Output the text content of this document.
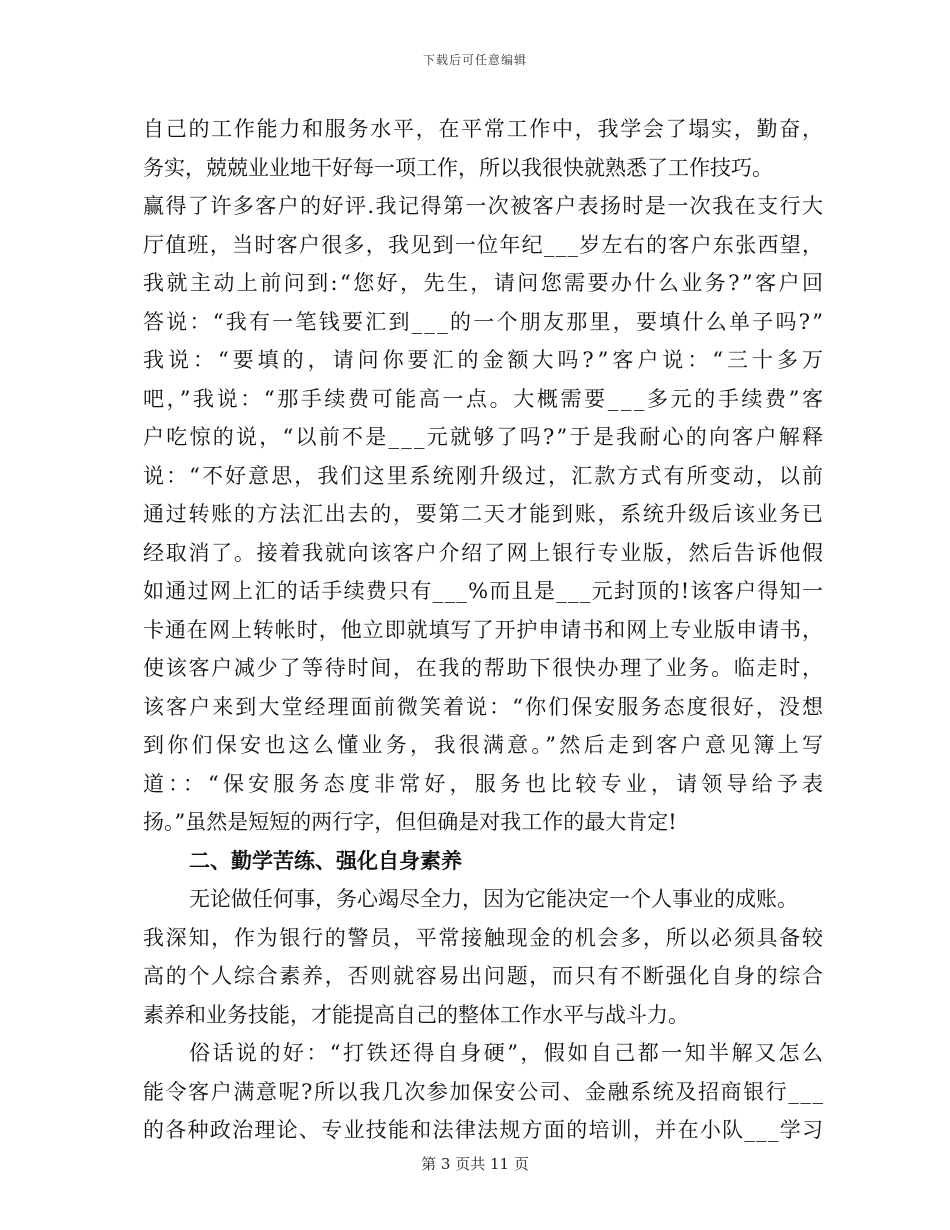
下载后可任意编辑
自己的工作能力和服务水平，在平常工作中，我学会了塌实，勤奋，
务实，兢兢业业地干好每一项工作，所以我很快就熟悉了工作技巧。
赢得了许多客户的好评.我记得第一次被客户表扬时是一次我在支行大
厅值班，当时客户很多，我见到一位年纪___岁左右的客户东张西望，
我就主动上前问到:“您好，先生，请问您需要办什么业务?”客户回
答说：“我有一笔钱要汇到___的一个朋友那里，要填什么单子吗?”
我说：“要填的，请问你要汇的金额大吗?”客户说：“三十多万
吧，”我说：“那手续费可能高一点。大概需要___多元的手续费”客
户吃惊的说，“以前不是___元就够了吗?”于是我耐心的向客户解释
说：“不好意思，我们这里系统刚升级过，汇款方式有所变动，以前
通过转账的方法汇出去的，要第二天才能到账，系统升级后该业务已
经取消了。接着我就向该客户介绍了网上银行专业版，然后告诉他假
如通过网上汇的话手续费只有___%而且是___元封顶的!该客户得知一
卡通在网上转帐时，他立即就填写了开护申请书和网上专业版申请书，
使该客户减少了等待时间，在我的帮助下很快办理了业务。临走时，
该客户来到大堂经理面前微笑着说：“你们保安服务态度很好，没想
到你们保安也这么懂业务，我很满意。”然后走到客户意见簿上写
道：：“保安服务态度非常好，服务也比较专业，请领导给予表
扬。”虽然是短短的两行字，但但确是对我工作的最大肯定!
二、勤学苦练、强化自身素养
无论做任何事，务心竭尽全力，因为它能决定一个人事业的成账。
我深知，作为银行的警员，平常接触现金的机会多，所以必须具备较
高的个人综合素养，否则就容易出问题，而只有不断强化自身的综合
素养和业务技能，才能提高自己的整体工作水平与战斗力。
俗话说的好：“打铁还得自身硬”，假如自己都一知半解又怎么
能令客户满意呢?所以我几次参加保安公司、金融系统及招商银行___
的各种政治理论、专业技能和法律法规方面的培训，并在小队___学习
第 3 页共 11 页
